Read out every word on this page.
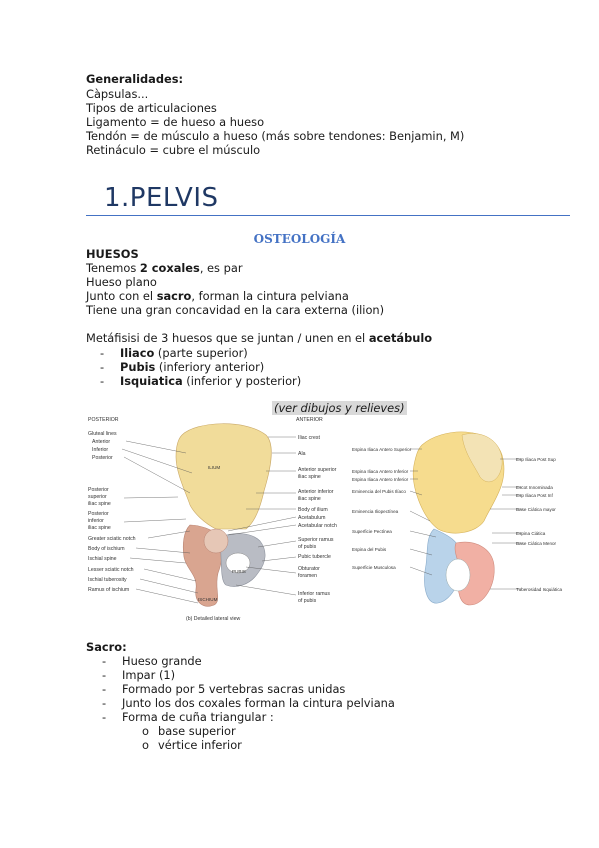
Generalidades:
Càpsulas...
Tipos de articulaciones
Ligamento = de hueso a hueso
Tendón = de músculo a hueso (más sobre tendones: Benjamin, M)
Retináculo = cubre el músculo
1.PELVIS
OSTEOLOGÍA
HUESOS
Tenemos 2 coxales, es par
Hueso plano
Junto con el sacro, forman la cintura pelviana
Tiene una gran concavidad en la cara externa (ilion)
Metáfisisi de 3 huesos que se juntan / unen en el acetábulo
- Iliaco (parte superior)
- Pubis (inferiory anterior)
- Isquiatica (inferior y posterior)
(ver dibujos y relieves)
POSTERIOR	ANTERIOR
ILIUM
PUBIS
ISCHIUM
Gluteal lines
Anterior
Inferior
Posterior
Posterior
superior
iliac spine
Posterior
inferior
iliac spine
Greater sciatic notch
Body of ischium
Ischial spine
Lesser sciatic notch
Ischial tuberosity
Ramus of ischium
Iliac crest
Ala
Anterior superior
iliac spine
Anterior inferior
iliac spine
Body of ilium
Acetabulum
Acetabular notch
Superior ramus
of pubis
Pubic tubercle
Obturator
foramen
Inferior ramus
of pubis
(b) Detailed lateral view
Espina Iliaca Antero Superior
Espina Iliaca Antero Inferior
Espina Iliaca Antero Inferior
Eminencia del Pubis Ilíaco
Eminencia Iliopectínea
Superficie Pectínea
Espina del Pubis
Superficie Musculosa
Esp Iliaca Post Sup
Escot Innominada
Esp Iliaca Post Inf
Base Ciática mayor
Espina Ciática
Base Ciática Menor
Tuberosidad Isquiática
Sacro:
- Hueso grande
- Impar (1)
- Formado por 5 vertebras sacras unidas
- Junto los dos coxales forman la cintura pelviana
- Forma de cuña triangular :
o base superior
o vértice inferior
